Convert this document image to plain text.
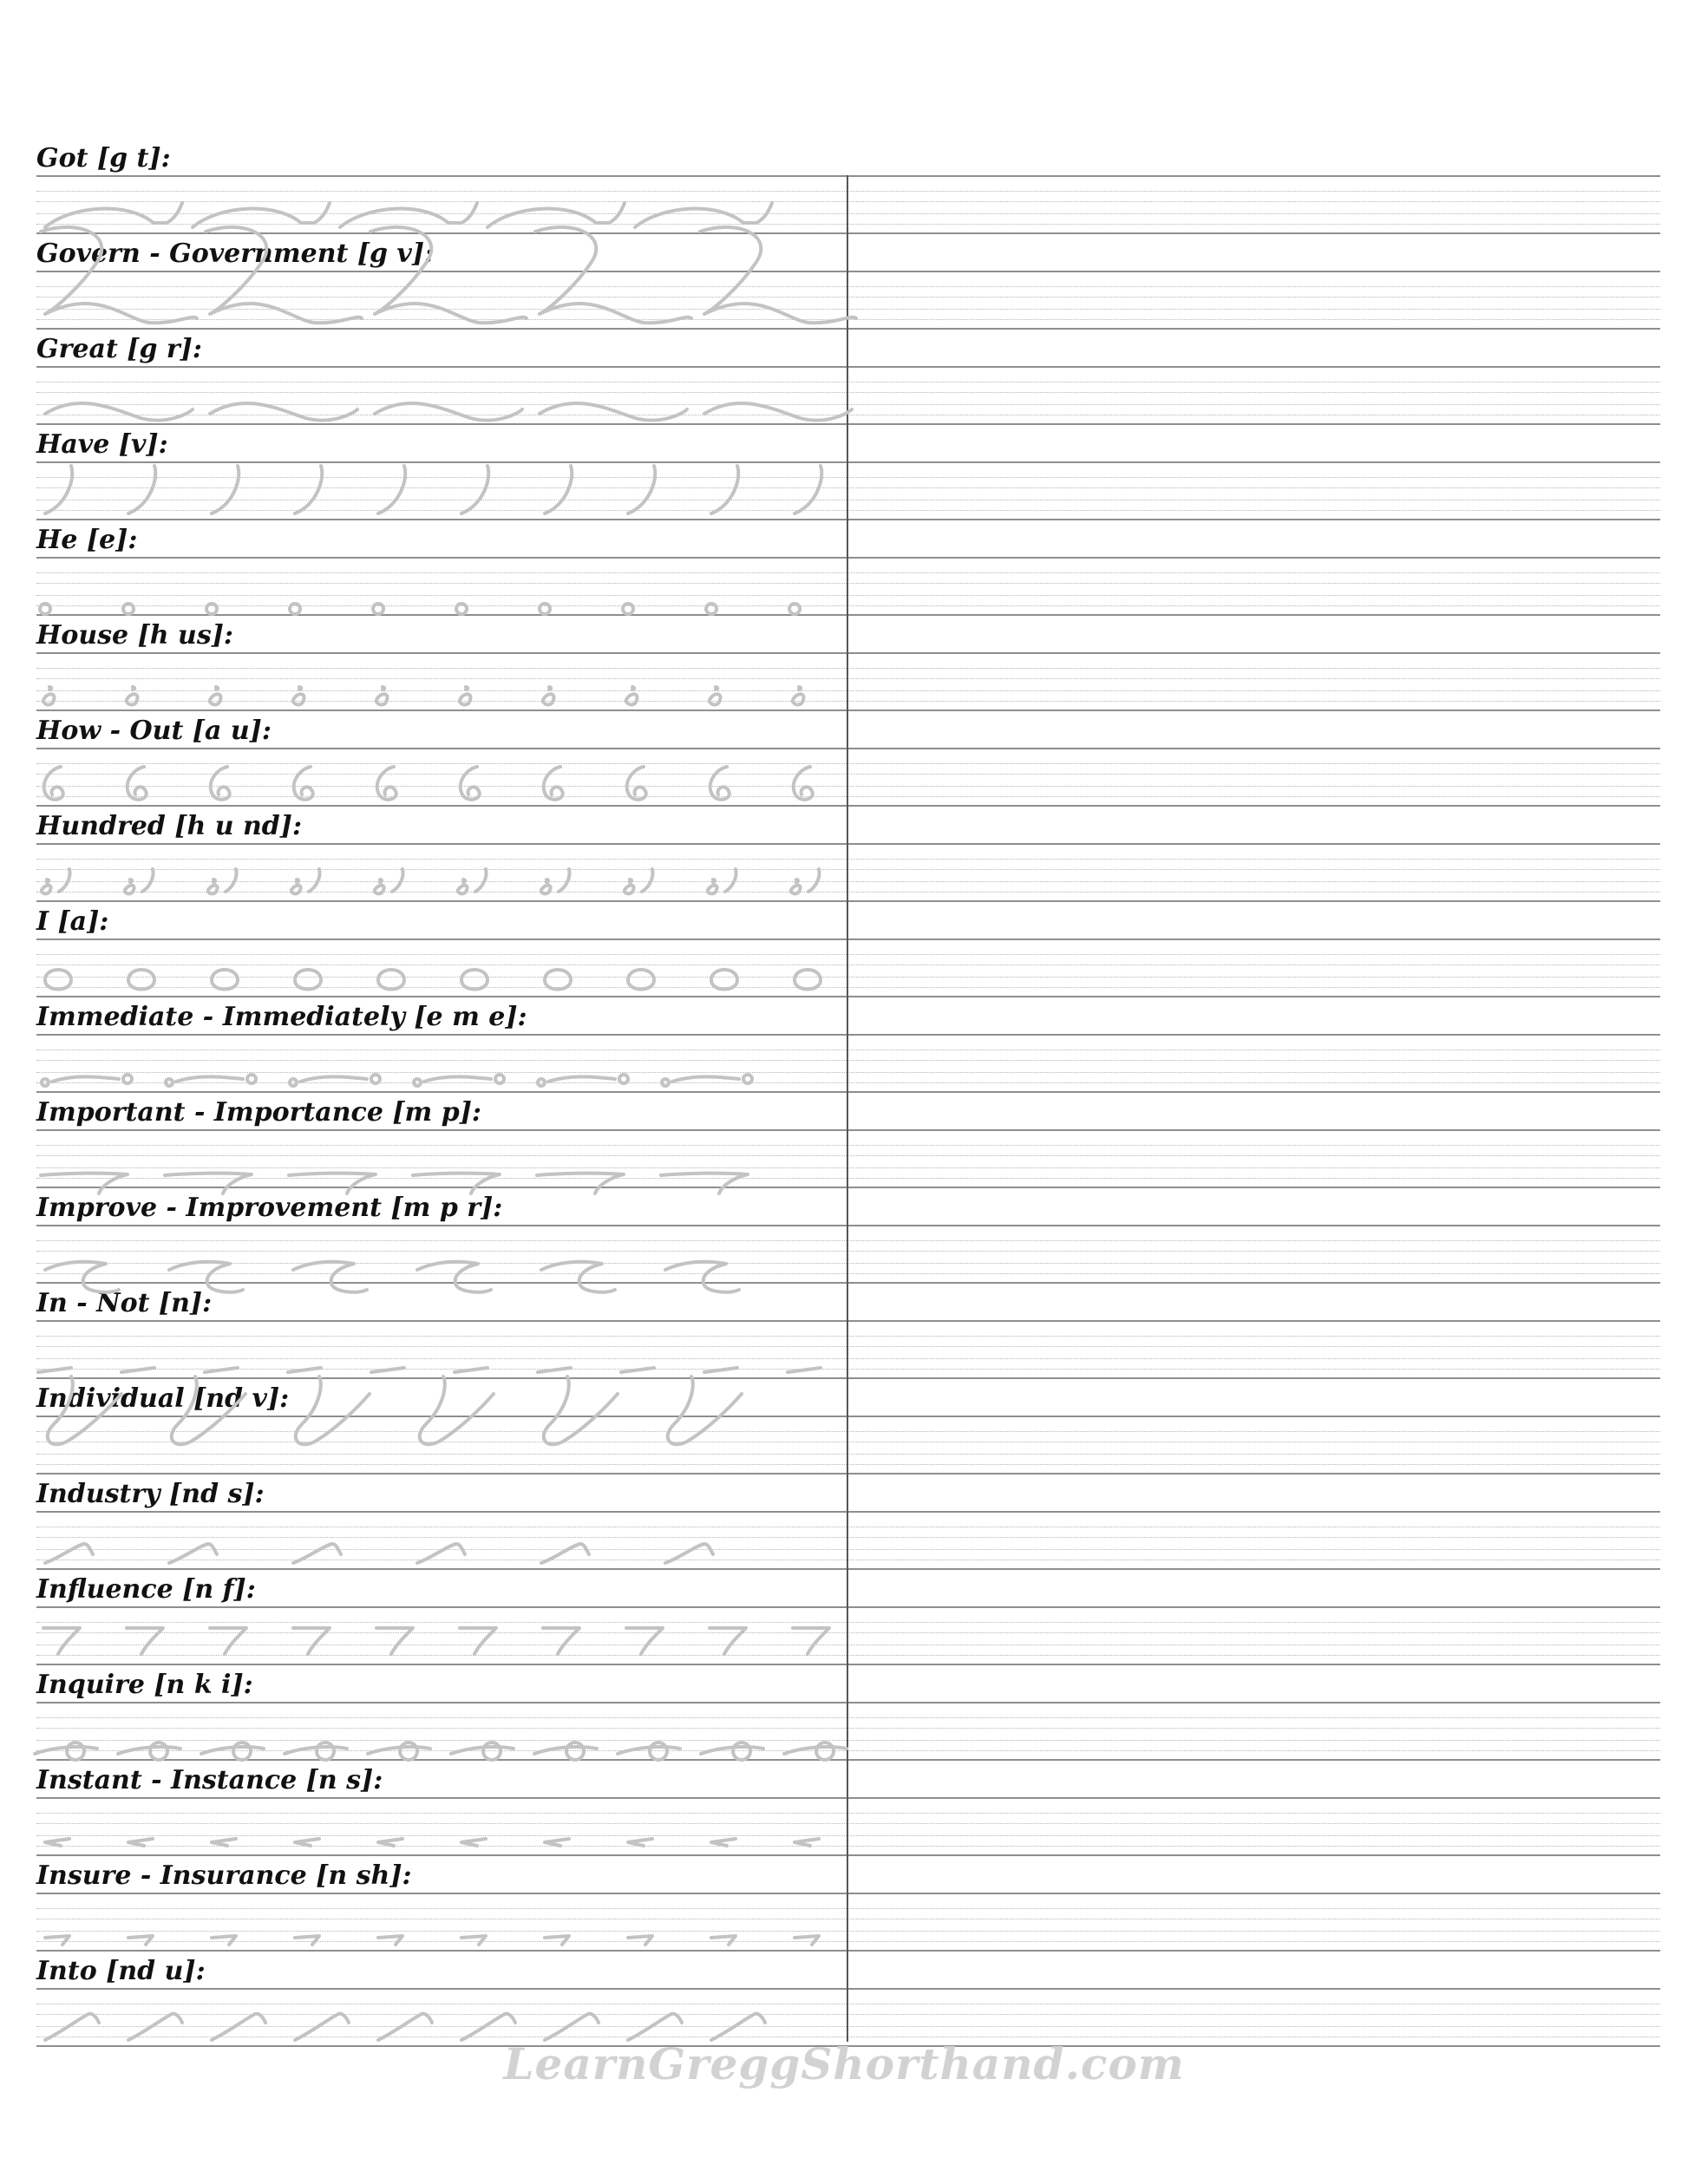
Got [g t]:
Govern - Government [g v]:
Great [g r]:
Have [v]:
He [e]:
House [h us]:
How - Out [a u]:
Hundred [h u nd]:
I [a]:
Immediate - Immediately [e m e]:
Important - Importance [m p]:
Improve - Improvement [m p r]:
In - Not [n]:
Individual [nd v]:
Industry [nd s]:
Influence [n f]:
Inquire [n k i]:
Instant - Instance [n s]:
Insure - Insurance [n sh]:
Into [nd u]:
LearnGreggShorthand.com
